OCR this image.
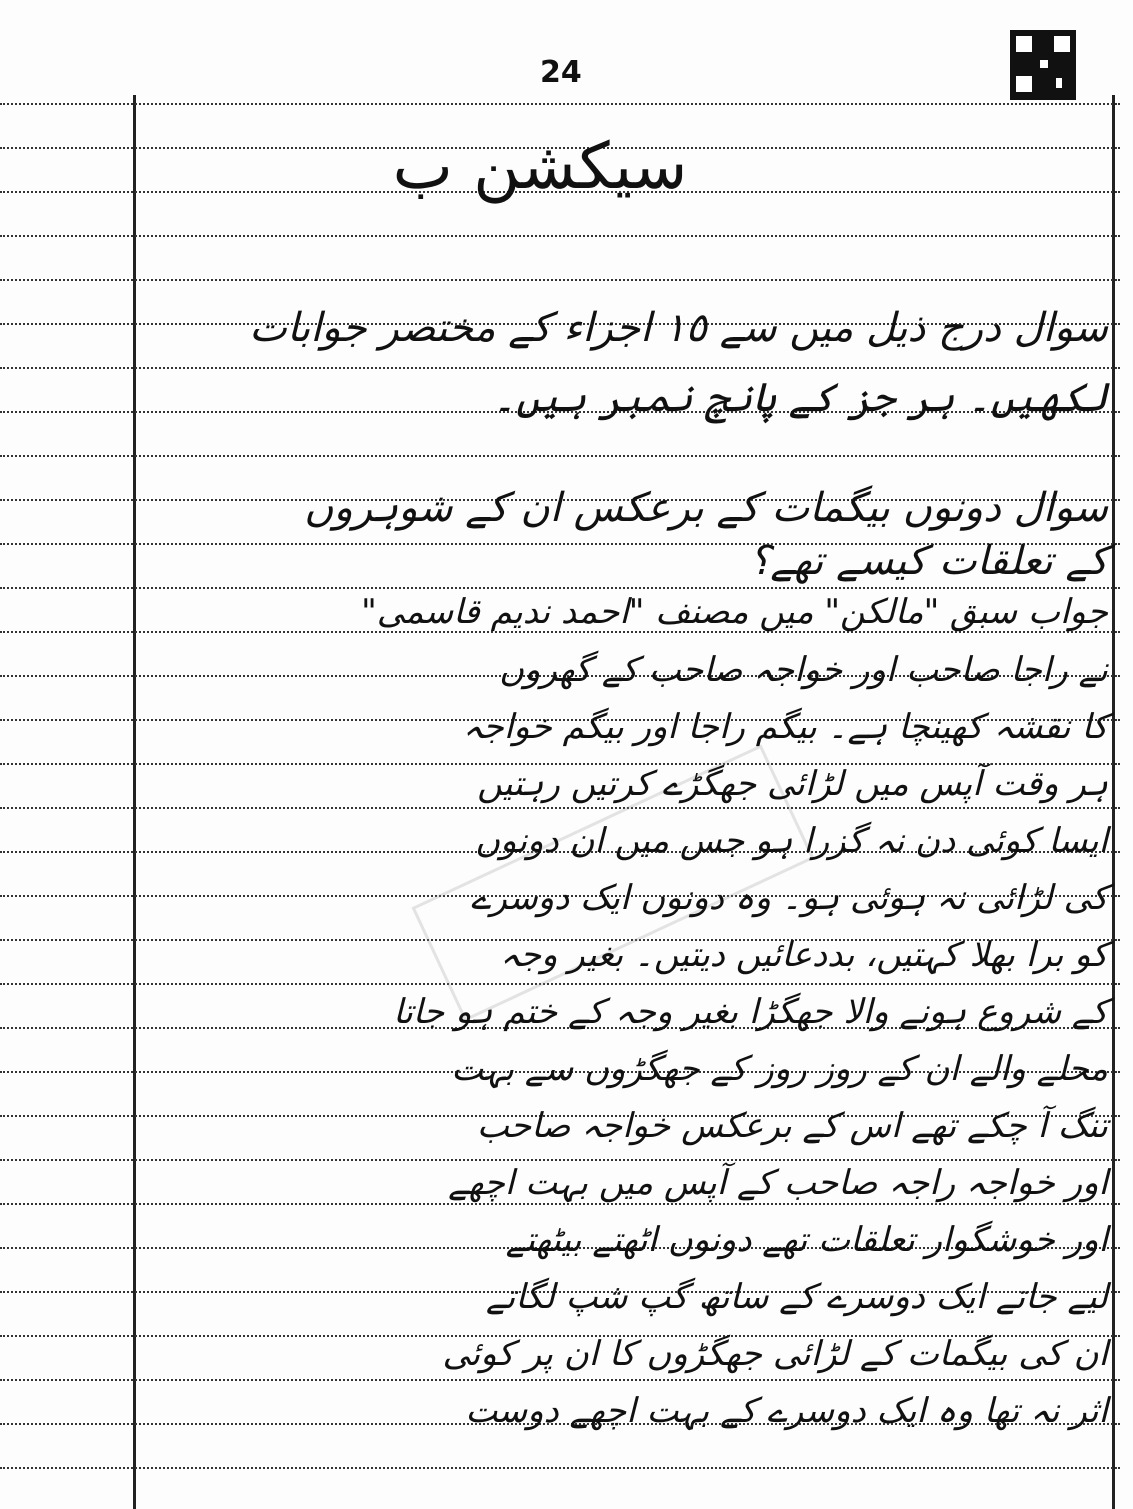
24
سیکشن ب
سوال درج ذیل میں سے ١٥ اجزاء کے مختصر جوابات
لکھیں۔ ہر جز کے پانچ نمبر ہیں۔
سوال دونوں بیگمات کے برعکس ان کے شوہروں
کے تعلقات کیسے تھے؟
جواب سبق "مالکن" میں مصنف "احمد ندیم قاسمی"
نے راجا صاحب اور خواجہ صاحب کے گھروں
کا نقشہ کھینچا ہے۔ بیگم راجا اور بیگم خواجہ
ہر وقت آپس میں لڑائی جھگڑے کرتیں رہتیں
ایسا کوئی دن نہ گزرا ہو جس میں ان دونوں
کی لڑائی نہ ہوئی ہو۔ وہ دونوں ایک دوسرے
کو برا بھلا کہتیں، بددعائیں دیتیں۔ بغیر وجہ
کے شروع ہونے والا جھگڑا بغیر وجہ کے ختم ہو جاتا
محلے والے ان کے روز روز کے جھگڑوں سے بہت
تنگ آ چکے تھے اس کے برعکس خواجہ صاحب
اور خواجہ راجہ صاحب کے آپس میں بہت اچھے
اور خوشگوار تعلقات تھے دونوں اٹھتے بیٹھتے
لیے جاتے ایک دوسرے کے ساتھ گپ شپ لگاتے
ان کی بیگمات کے لڑائی جھگڑوں کا ان پر کوئی
اثر نہ تھا وہ ایک دوسرے کے بہت اچھے دوست
